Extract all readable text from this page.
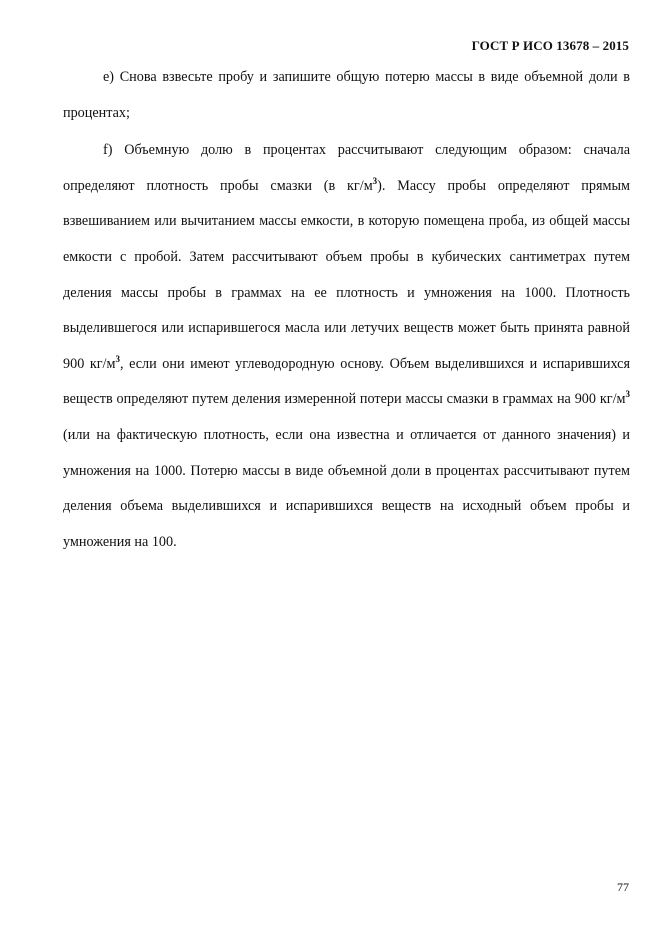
ГОСТ Р ИСО 13678 – 2015

e) Снова взвесьте пробу и запишите общую потерю массы в виде объемной доли в процентах;

f) Объемную долю в процентах рассчитывают следующим образом: сначала определяют плотность пробы смазки (в $кг/м^3$). Массу пробы определяют прямым взвешиванием или вычитанием массы емкости, в которую помещена проба, из общей массы емкости с пробой. Затем рассчитывают объем пробы в кубических сантиметрах путем деления массы пробы в граммах на ее плотность и умножения на 1000. Плотность выделившегося или испарившегося масла или летучих веществ может быть принята равной 900 $кг/м^3$, если они имеют углеводородную основу. Объем выделившихся и испарившихся веществ определяют путем деления измеренной потери массы смазки в граммах на 900 $кг/м^3$ (или на фактическую плотность, если она известна и отличается от данного значения) и умножения на 1000. Потерю массы в виде объемной доли в процентах рассчитывают путем деления объема выделившихся и испарившихся веществ на исходный объем пробы и умножения на 100.

77
